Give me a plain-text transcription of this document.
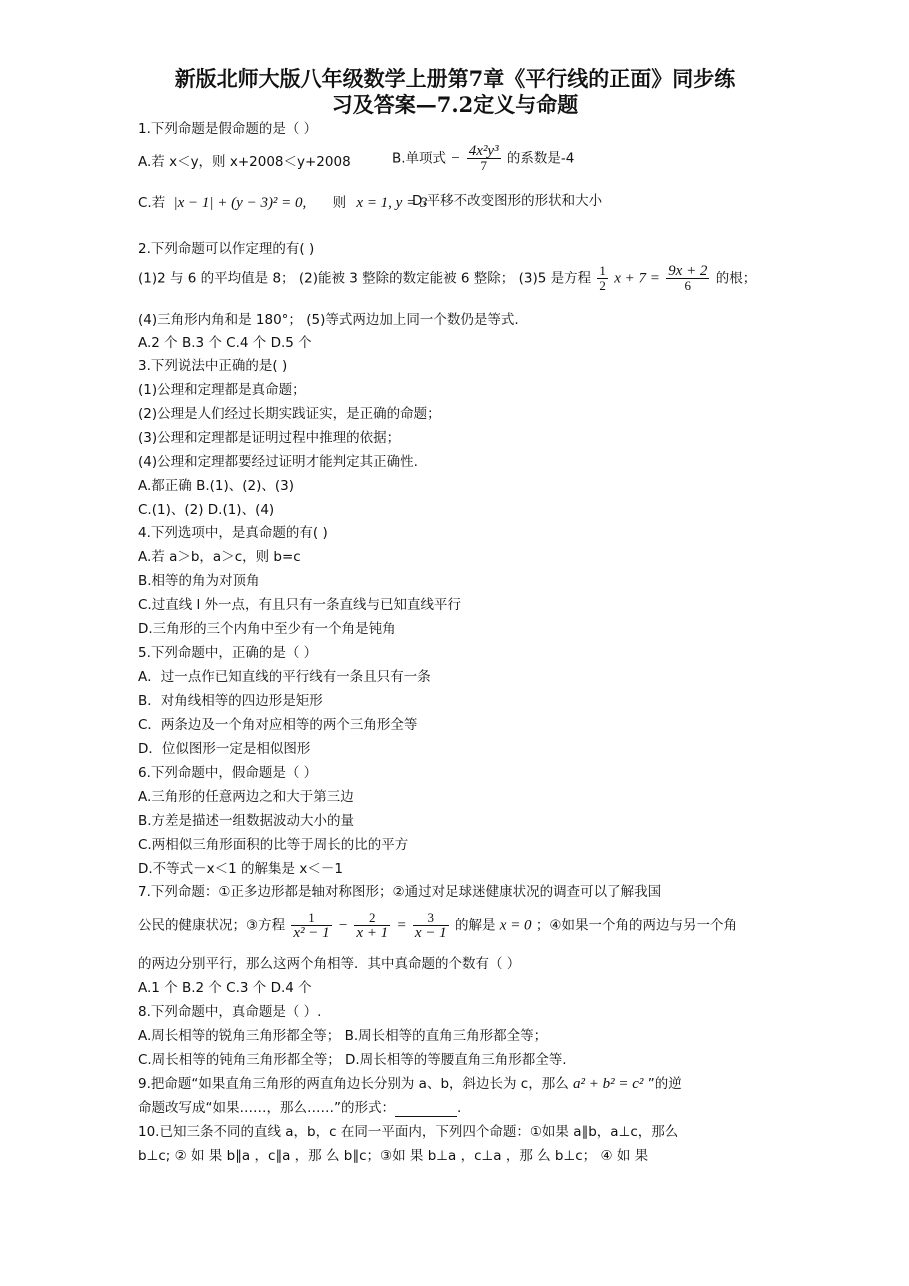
新版北师大版八年级数学上册第7章《平行线的正面》同步练
习及答案—7.2定义与命题
1.下列命题是假命题的是（ ）
A.若 x＜y，则 x+2008＜y+2008	B.单项式 − $\frac{\text{4x²y³}}{7}$ 的系数是-4
C.若 |x − 1| + (y − 3)² = 0, 则 x = 1, y = 3
D.平移不改变图形的形状和大小
2.下列命题可以作定理的有( )
(1)2 与 6 的平均值是 8； (2)能被 3 整除的数定能被 6 整除； (3)5 是方程 $\frac{1}{2}$ $x + 7 = \frac{9x + 2}{6}$ 的根；
(4)三角形内角和是 180°； (5)等式两边加上同一个数仍是等式.
A.2 个 B.3 个 C.4 个 D.5 个
3.下列说法中正确的是( )
(1)公理和定理都是真命题；
(2)公理是人们经过长期实践证实，是正确的命题；
(3)公理和定理都是证明过程中推理的依据；
(4)公理和定理都要经过证明才能判定其正确性.
A.都正确 B.(1)、(2)、(3)
C.(1)、(2) D.(1)、(4)
4.下列选项中，是真命题的有( )
A.若 a＞b，a＞c，则 b=c
B.相等的角为对顶角
C.过直线 l 外一点，有且只有一条直线与已知直线平行
D.三角形的三个内角中至少有一个角是钝角
5.下列命题中，正确的是（ ）
A．过一点作已知直线的平行线有一条且只有一条
B．对角线相等的四边形是矩形
C．两条边及一个角对应相等的两个三角形全等
D．位似图形一定是相似图形
6.下列命题中，假命题是（ ）
A.三角形的任意两边之和大于第三边
B.方差是描述一组数据波动大小的量
C.两相似三角形面积的比等于周长的比的平方
D.不等式－x＜1 的解集是 x＜－1
7.下列命题：①正多边形都是轴对称图形；②通过对足球迷健康状况的调查可以了解我国
公民的健康状况；③方程 $\frac{1}{\text{x² − 1}} - \frac{2}{x + 1} = \frac{3}{x - 1}$ 的解是 x = 0 ；④如果一个角的两边与另一个角
的两边分别平行，那么这两个角相等．其中真命题的个数有（ ）
A.1 个 B.2 个 C.3 个 D.4 个
8.下列命题中，真命题是（ ）.
A.周长相等的锐角三角形都全等； B.周长相等的直角三角形都全等；
C.周长相等的钝角三角形都全等； D.周长相等的等腰直角三角形都全等.
9.把命题“如果直角三角形的两直角边长分别为 a、b，斜边长为 c，那么 a² + b² = c² ”的逆
命题改写成“如果……，那么……”的形式：	.
10.已知三条不同的直线 a，b，c 在同一平面内，下列四个命题：①如果 a∥b，a⊥c，那么
b⊥c; ② 如 果 b∥a ，c∥a ，那 么 b∥c；③如 果 b⊥a ，c⊥a ，那 么 b⊥c； ④ 如 果
